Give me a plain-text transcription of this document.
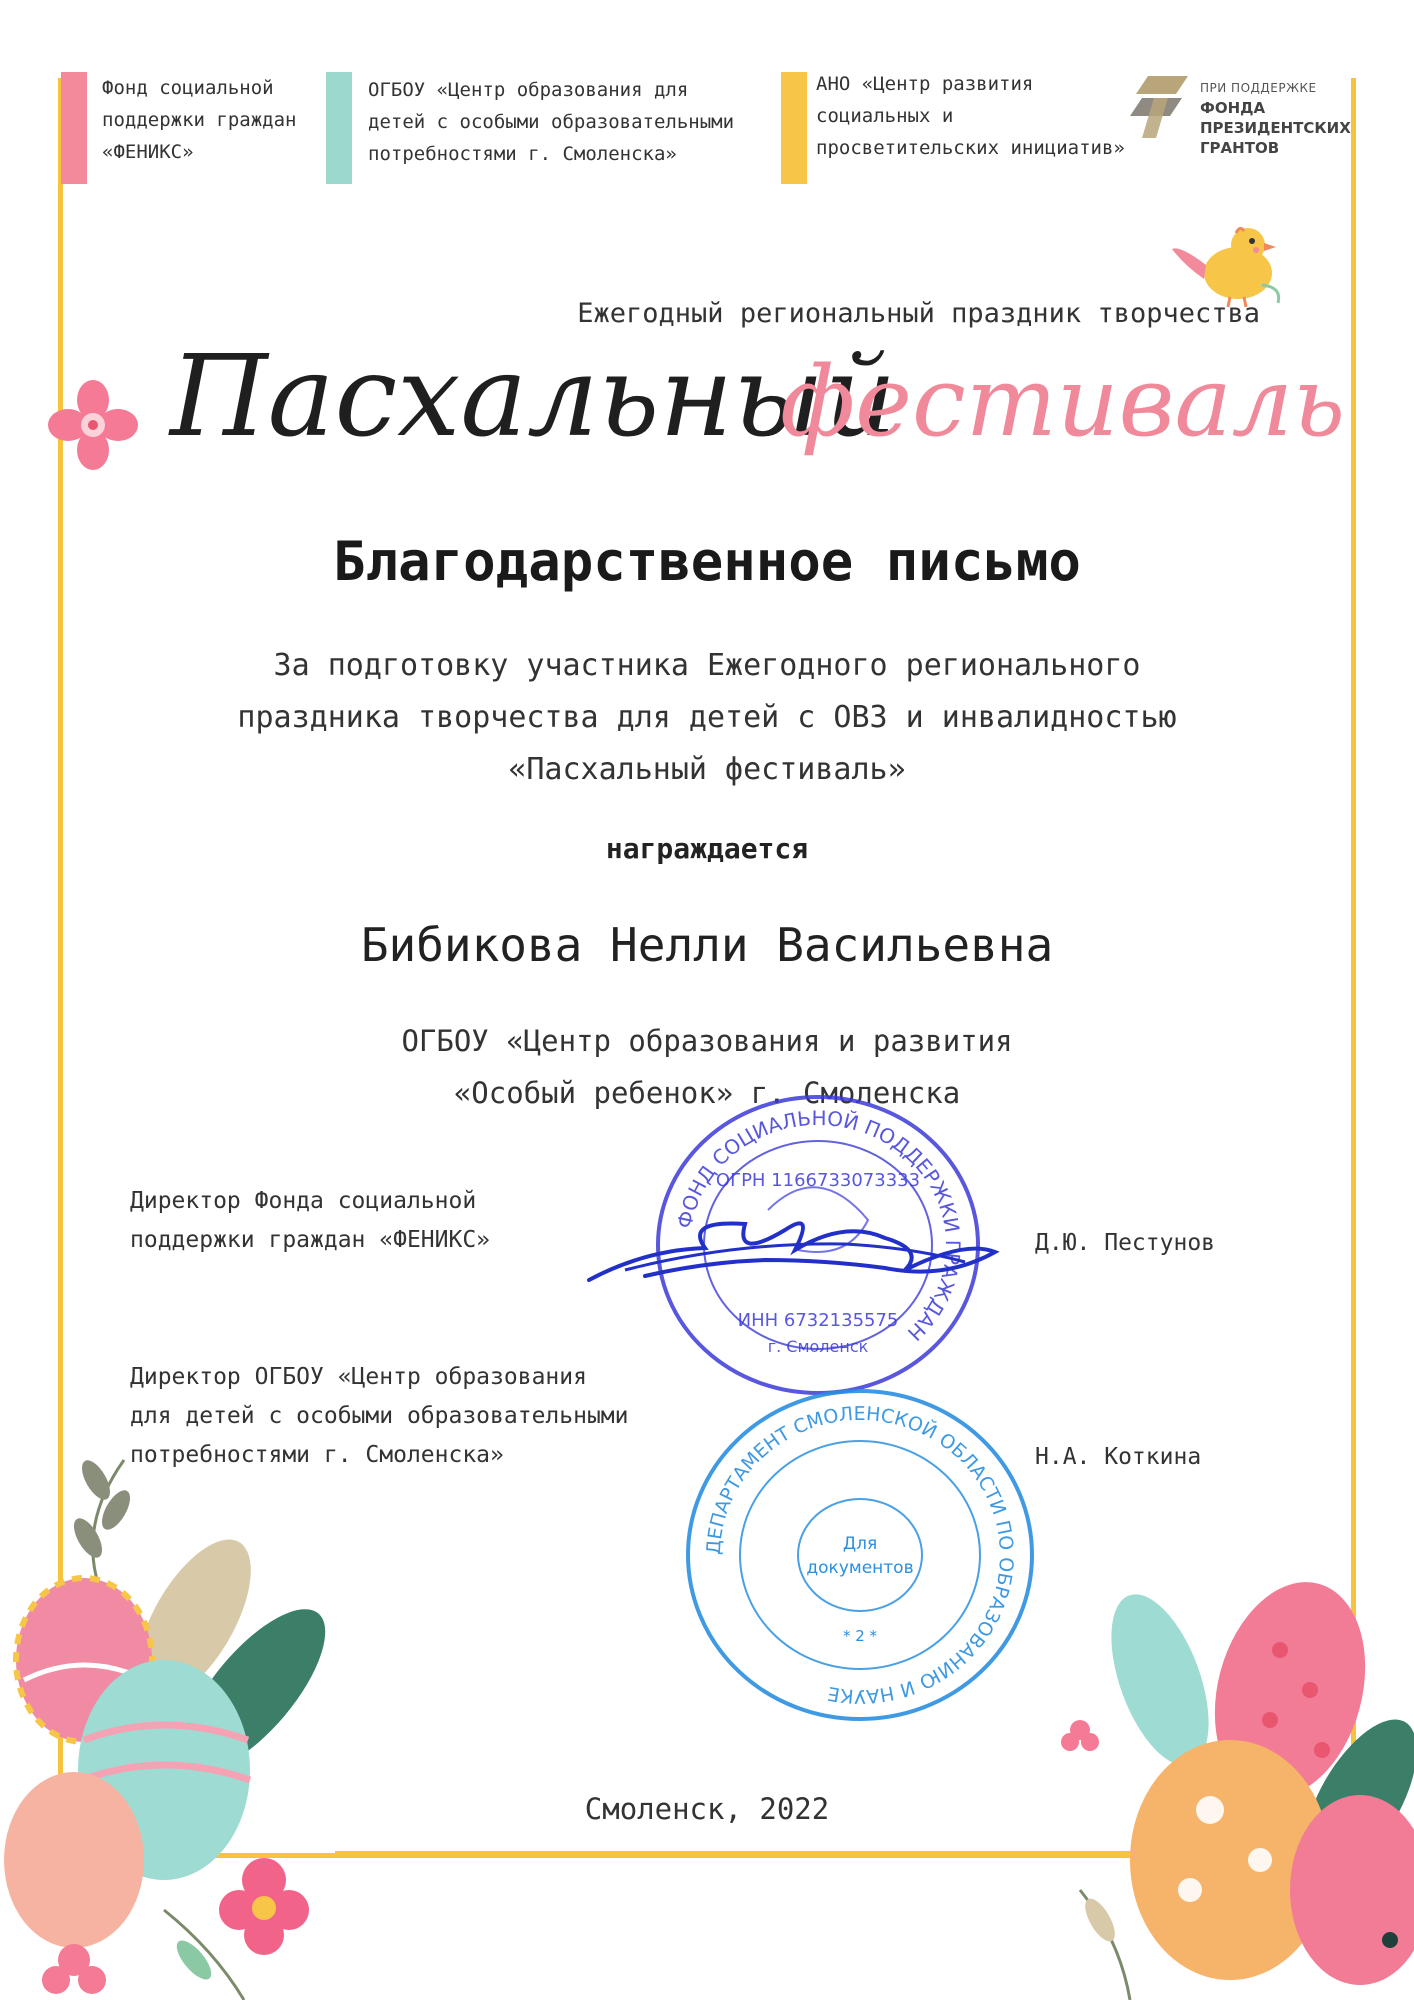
Фонд социальной
поддержки граждан
«ФЕНИКС»
ОГБОУ «Центр образования для
детей с особыми образовательными
потребностями г. Смоленска»
АНО «Центр развития
социальных и
просветительских инициатив»
ПРИ ПОДДЕРЖКЕ
ФОНДА
ПРЕЗИДЕНТСКИХ
ГРАНТОВ
Ежегодный региональный праздник творчества
Пасхальный
фестиваль
Благодарственное письмо
За подготовку участника Ежегодного регионального
праздника творчества для детей с ОВЗ и инвалидностью
«Пасхальный фестиваль»
награждается
Бибикова Нелли Васильевна
ОГБОУ «Центр образования и развития
«Особый ребенок» г. Смоленска
Директор Фонда социальной
поддержки граждан «ФЕНИКС»	Д.Ю. Пестунов
Директор ОГБОУ «Центр образования
для детей с особыми образовательными
потребностями г. Смоленска»	Н.А. Коткина
ФОНД СОЦИАЛЬНОЙ ПОДДЕРЖКИ ГРАЖДАН
ОГРН 1166733073333
ИНН 6732135575
г. Смоленск
ДЕПАРТАМЕНТ СМОЛЕНСКОЙ ОБЛАСТИ ПО ОБРАЗОВАНИЮ И НАУКЕ
Для
документов
* 2 *
Смоленск, 2022
